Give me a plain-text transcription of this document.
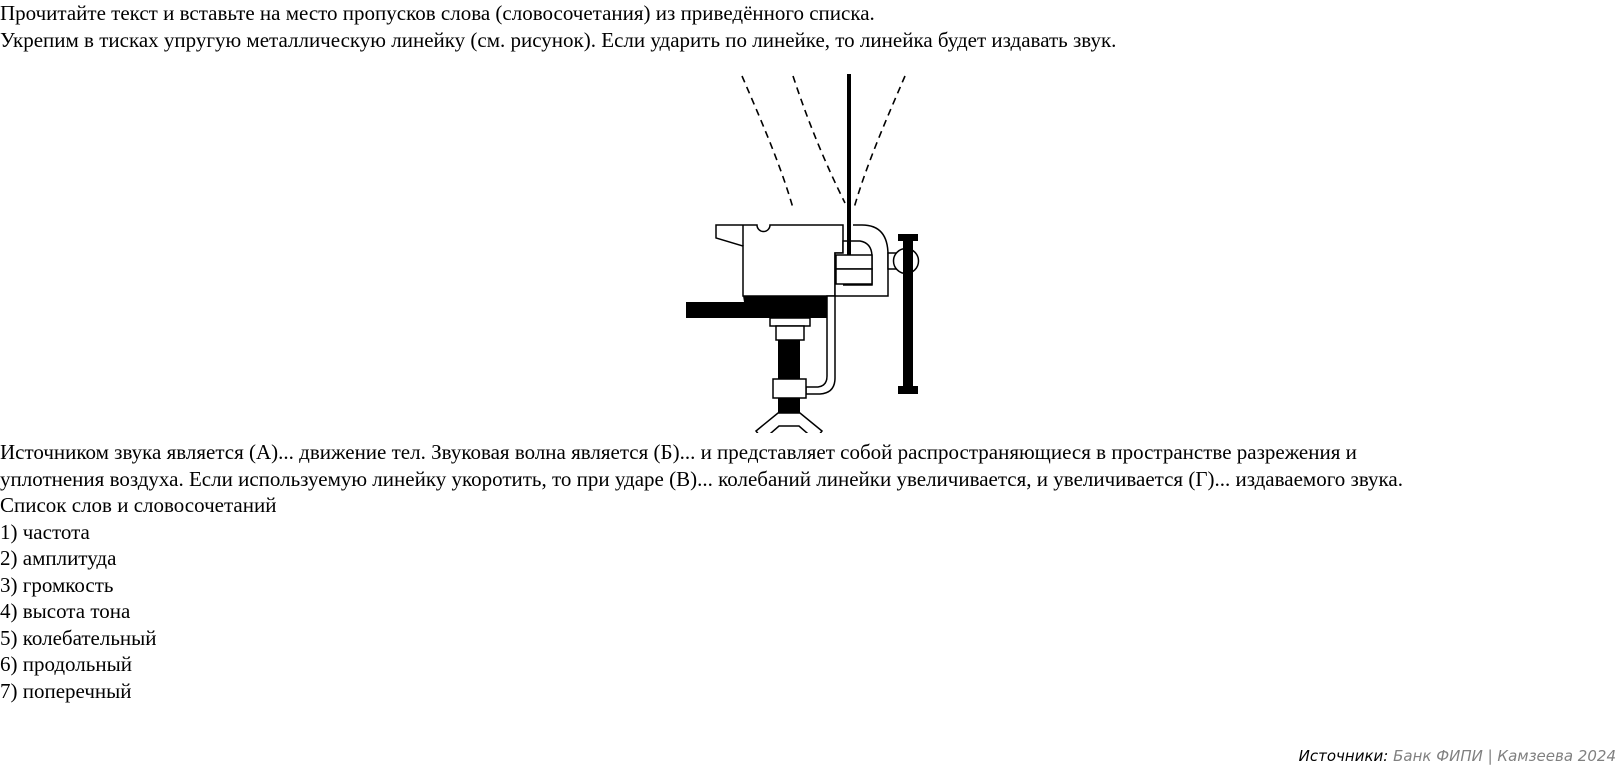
Прочитайте текст и вставьте на место пропусков слова (словосочетания) из приведённого списка.
Укрепим в тисках упругую металлическую линейку (см. рисунок). Если ударить по линейке, то линейка будет издавать звук.
Источником звука является (А)... движение тел. Звуковая волна является (Б)... и представляет собой распространяющиеся в пространстве разрежения и
уплотнения воздуха. Если используемую линейку укоротить, то при ударе (В)... колебаний линейки увеличивается, и увеличивается (Г)... издаваемого звука.
Список слов и словосочетаний
1) частота
2) амплитуда
3) громкость
4) высота тона
5) колебательный
6) продольный
7) поперечный
Источники: Банк ФИПИ | Камзеева 2024
